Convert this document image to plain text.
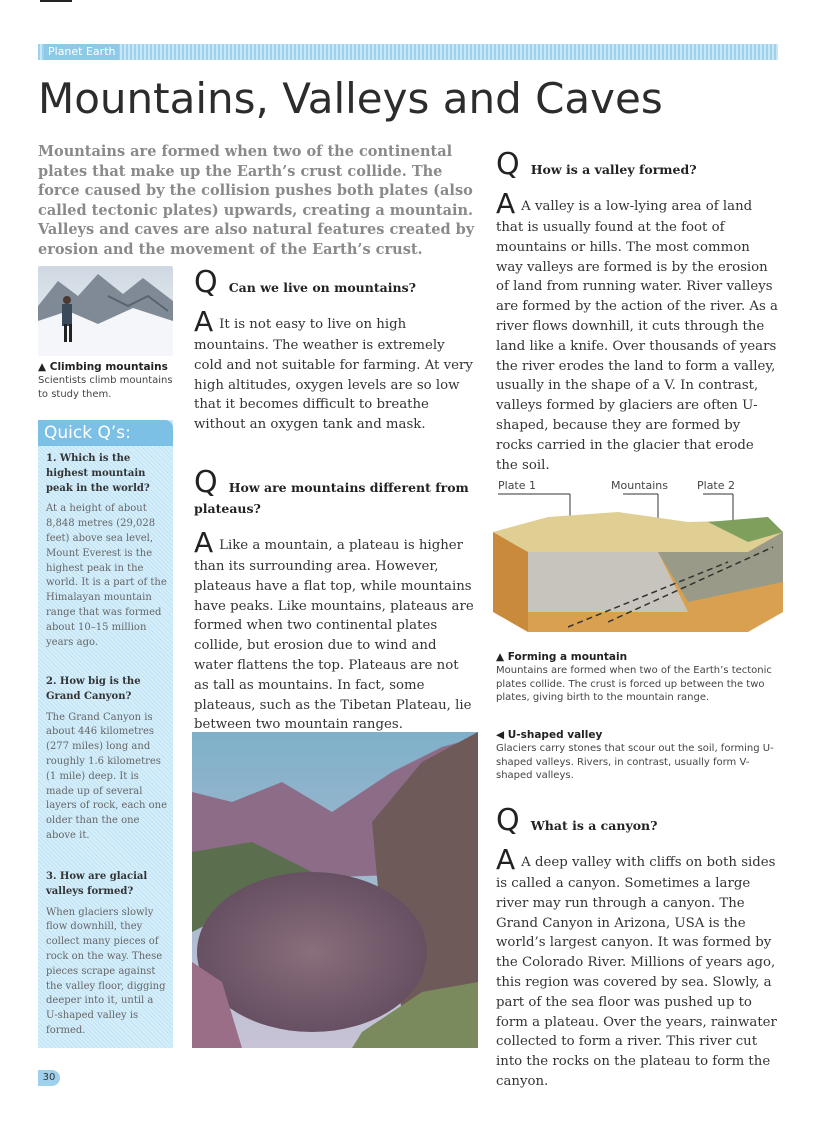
Planet Earth
Mountains, Valleys and Caves
Mountains are formed when two of the continental plates that make up the Earth’s crust collide. The force caused by the collision pushes both plates (also called tectonic plates) upwards, creating a mountain. Valleys and caves are also natural features created by erosion and the movement of the Earth’s crust.
▲ Climbing mountains
Scientists climb mountains to study them.
Quick Q’s:
1. Which is the highest mountain peak in the world?
At a height of about 8,848 metres (29,028 feet) above sea level, Mount Everest is the highest peak in the world. It is a part of the Himalayan mountain range that was formed about 10–15 million years ago.
2. How big is the Grand Canyon?
The Grand Canyon is about 446 kilometres (277 miles) long and roughly 1.6 kilometres (1 mile) deep. It is made up of several layers of rock, each one older than the one above it.
3. How are glacial valleys formed?
When glaciers slowly flow downhill, they collect many pieces of rock on the way. These pieces scrape against the valley floor, digging deeper into it, until a U-shaped valley is formed.
Q Can we live on mountains?
A It is not easy to live on high mountains. The weather is extremely cold and not suitable for farming. At very high altitudes, oxygen levels are so low that it becomes difficult to breathe without an oxygen tank and mask.
Q How are mountains different from plateaus?
A Like a mountain, a plateau is higher than its surrounding area. However, plateaus have a flat top, while mountains have peaks. Like mountains, plateaus are formed when two continental plates collide, but erosion due to wind and water flattens the top. Plateaus are not as tall as mountains. In fact, some plateaus, such as the Tibetan Plateau, lie between two mountain ranges.
Q How is a valley formed?
A A valley is a low-lying area of land that is usually found at the foot of mountains or hills. The most common way valleys are formed is by the erosion of land from running water. River valleys are formed by the action of the river. As a river flows downhill, it cuts through the land like a knife. Over thousands of years the river erodes the land to form a valley, usually in the shape of a V. In contrast, valleys formed by glaciers are often U-shaped, because they are formed by rocks carried in the glacier that erode the soil.
Plate 1	Mountains	Plate 2
▲ Forming a mountain
Mountains are formed when two of the Earth’s tectonic plates collide. The crust is forced up between the two plates, giving birth to the mountain range.
◀ U-shaped valley
Glaciers carry stones that scour out the soil, forming U-shaped valleys. Rivers, in contrast, usually form V-shaped valleys.
Q What is a canyon?
A A deep valley with cliffs on both sides is called a canyon. Sometimes a large river may run through a canyon. The Grand Canyon in Arizona, USA is the world’s largest canyon. It was formed by the Colorado River. Millions of years ago, this region was covered by sea. Slowly, a part of the sea floor was pushed up to form a plateau. Over the years, rainwater collected to form a river. This river cut into the rocks on the plateau to form the canyon.
30
